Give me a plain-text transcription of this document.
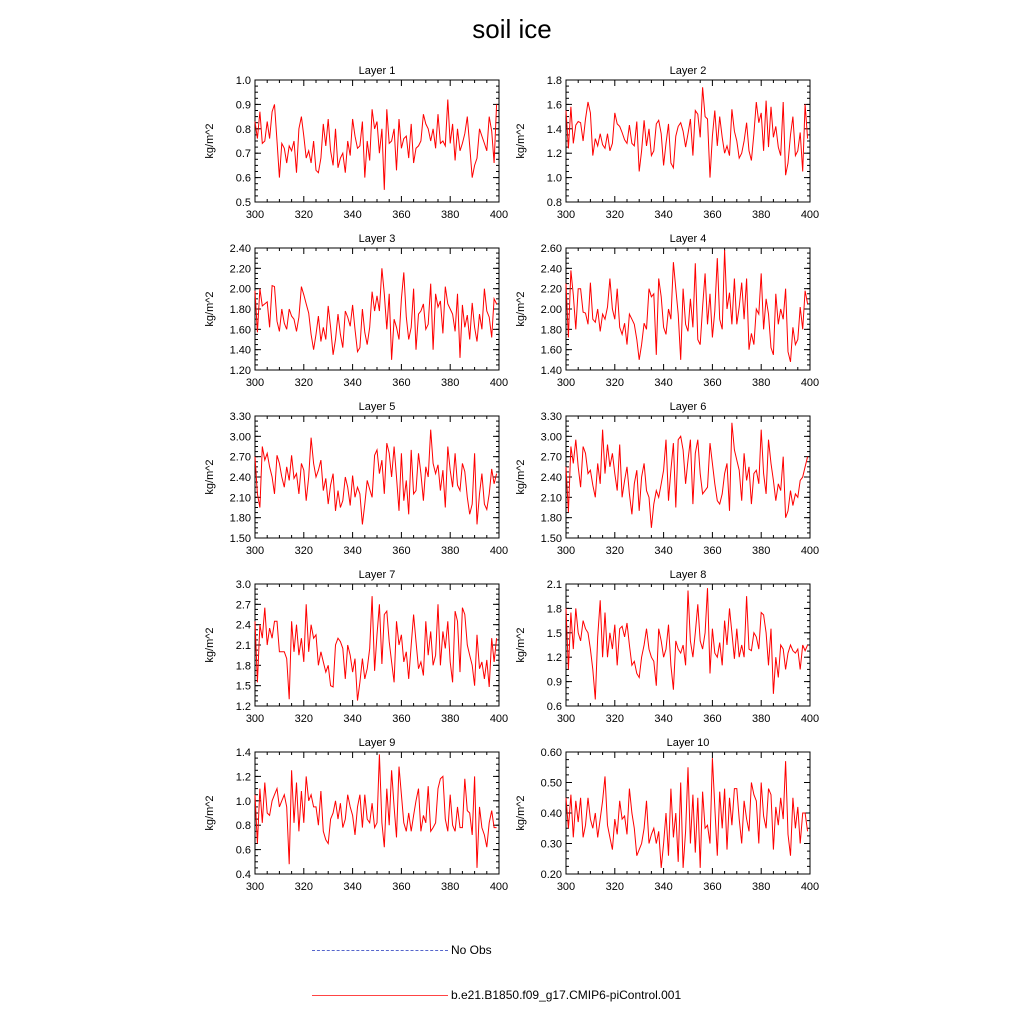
soil ice
Layer 1
kg/m^2
300	320	340	360	380	400
0.5
0.6
0.7
0.8
0.9
1.0
Layer 2
kg/m^2
300	320	340	360	380	400
0.8
1.0
1.2
1.4
1.6
1.8
Layer 3
kg/m^2
300	320	340	360	380	400
1.20
1.40
1.60
1.80
2.00
2.20
2.40
Layer 4
kg/m^2
300	320	340	360	380	400
1.40
1.60
1.80
2.00
2.20
2.40
2.60
Layer 5
kg/m^2
300	320	340	360	380	400
1.50
1.80
2.10
2.40
2.70
3.00
3.30
Layer 6
kg/m^2
300	320	340	360	380	400
1.50
1.80
2.10
2.40
2.70
3.00
3.30
Layer 7
kg/m^2
300	320	340	360	380	400
1.2
1.5
1.8
2.1
2.4
2.7
3.0
Layer 8
kg/m^2
300	320	340	360	380	400
0.6
0.9
1.2
1.5
1.8
2.1
Layer 9
kg/m^2
300	320	340	360	380	400
0.4
0.6
0.8
1.0
1.2
1.4
Layer 10
kg/m^2
300	320	340	360	380	400
0.20
0.30
0.40
0.50
0.60
No Obs
b.e21.B1850.f09_g17.CMIP6-piControl.001
